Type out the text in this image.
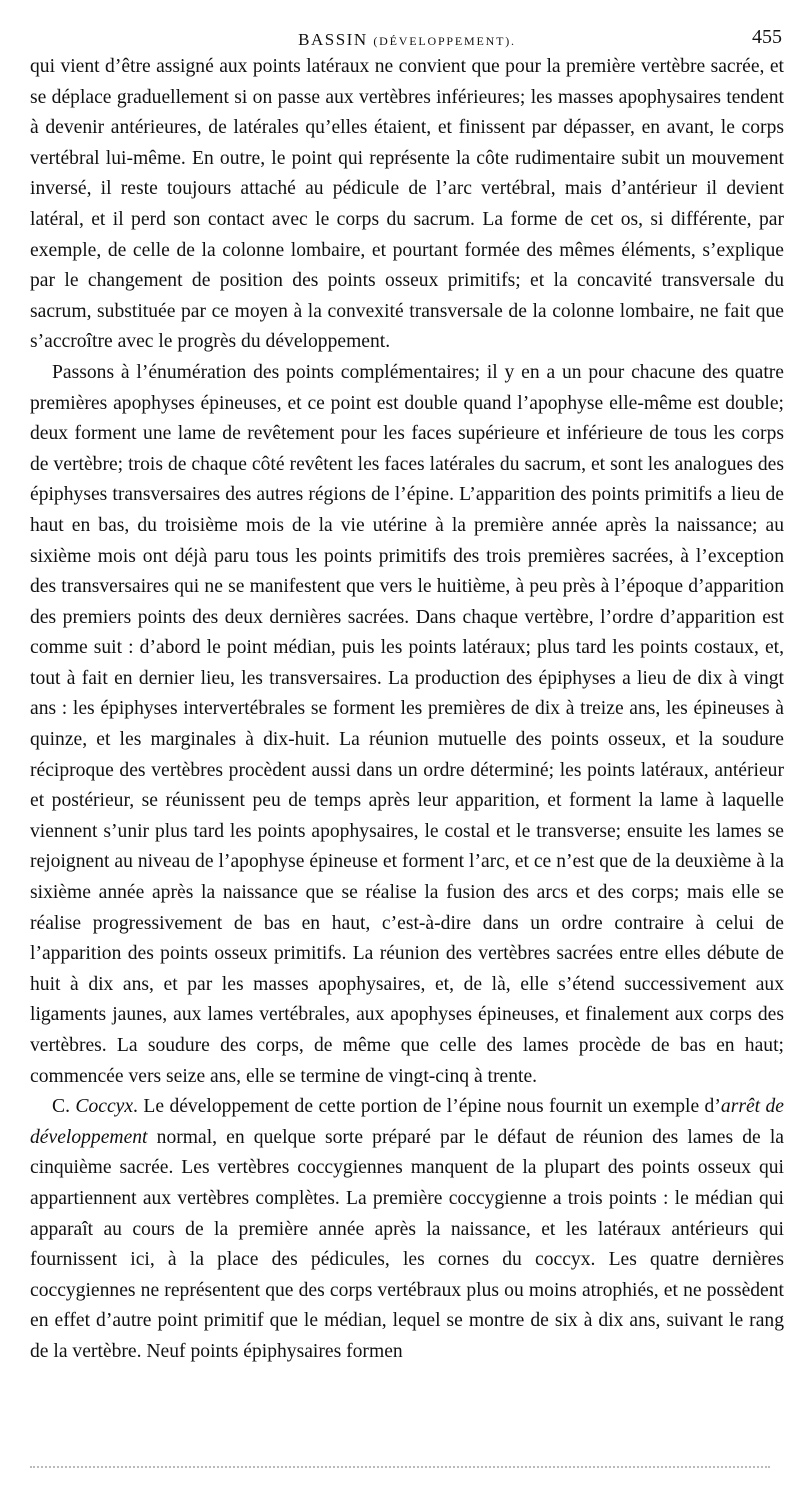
BASSIN (DÉVELOPPEMENT).	455

qui vient d’être assigné aux points latéraux ne convient que pour la première vertèbre sacrée, et se déplace graduellement si on passe aux vertèbres inférieures; les masses apophysaires tendent à devenir antérieures, de latérales qu’elles étaient, et finissent par dépasser, en avant, le corps vertébral lui-même. En outre, le point qui représente la côte rudimentaire subit un mouvement inversé, il reste toujours attaché au pédicule de l’arc vertébral, mais d’antérieur il devient latéral, et il perd son contact avec le corps du sacrum. La forme de cet os, si différente, par exemple, de celle de la colonne lombaire, et pourtant formée des mêmes éléments, s’explique par le changement de position des points osseux primitifs; et la concavité transversale du sacrum, substituée par ce moyen à la convexité transversale de la colonne lombaire, ne fait que s’accroître avec le progrès du développement.

Passons à l’énumération des points complémentaires; il y en a un pour chacune des quatre premières apophyses épineuses, et ce point est double quand l’apophyse elle-même est double; deux forment une lame de revêtement pour les faces supérieure et inférieure de tous les corps de vertèbre; trois de chaque côté revêtent les faces latérales du sacrum, et sont les analogues des épiphyses transversaires des autres régions de l’épine. L’apparition des points primitifs a lieu de haut en bas, du troisième mois de la vie utérine à la première année après la naissance; au sixième mois ont déjà paru tous les points primitifs des trois premières sacrées, à l’exception des transversaires qui ne se manifestent que vers le huitième, à peu près à l’époque d’apparition des premiers points des deux dernières sacrées. Dans chaque vertèbre, l’ordre d’apparition est comme suit : d’abord le point médian, puis les points latéraux; plus tard les points costaux, et, tout à fait en dernier lieu, les transversaires. La production des épiphyses a lieu de dix à vingt ans : les épiphyses intervertébrales se forment les premières de dix à treize ans, les épineuses à quinze, et les marginales à dix-huit. La réunion mutuelle des points osseux, et la soudure réciproque des vertèbres procèdent aussi dans un ordre déterminé; les points latéraux, antérieur et postérieur, se réunissent peu de temps après leur apparition, et forment la lame à laquelle viennent s’unir plus tard les points apophysaires, le costal et le transverse; ensuite les lames se rejoignent au niveau de l’apophyse épineuse et forment l’arc, et ce n’est que de la deuxième à la sixième année après la naissance que se réalise la fusion des arcs et des corps; mais elle se réalise progressivement de bas en haut, c’est-à-dire dans un ordre contraire à celui de l’apparition des points osseux primitifs. La réunion des vertèbres sacrées entre elles débute de huit à dix ans, et par les masses apophysaires, et, de là, elle s’étend successivement aux ligaments jaunes, aux lames vertébrales, aux apophyses épineuses, et finalement aux corps des vertèbres. La soudure des corps, de même que celle des lames procède de bas en haut; commencée vers seize ans, elle se termine de vingt-cinq à trente.

C. Coccyx. Le développement de cette portion de l’épine nous fournit un exemple d’arrêt de développement normal, en quelque sorte préparé par le défaut de réunion des lames de la cinquième sacrée. Les vertèbres coccygiennes manquent de la plupart des points osseux qui appartiennent aux vertèbres complètes. La première coccygienne a trois points : le médian qui apparaît au cours de la première année après la naissance, et les latéraux antérieurs qui fournissent ici, à la place des pédicules, les cornes du coccyx. Les quatre dernières coccygiennes ne représentent que des corps vertébraux plus ou moins atrophiés, et ne possèdent en effet d’autre point primitif que le médian, lequel se montre de six à dix ans, suivant le rang de la vertèbre. Neuf points épiphysaires formen
